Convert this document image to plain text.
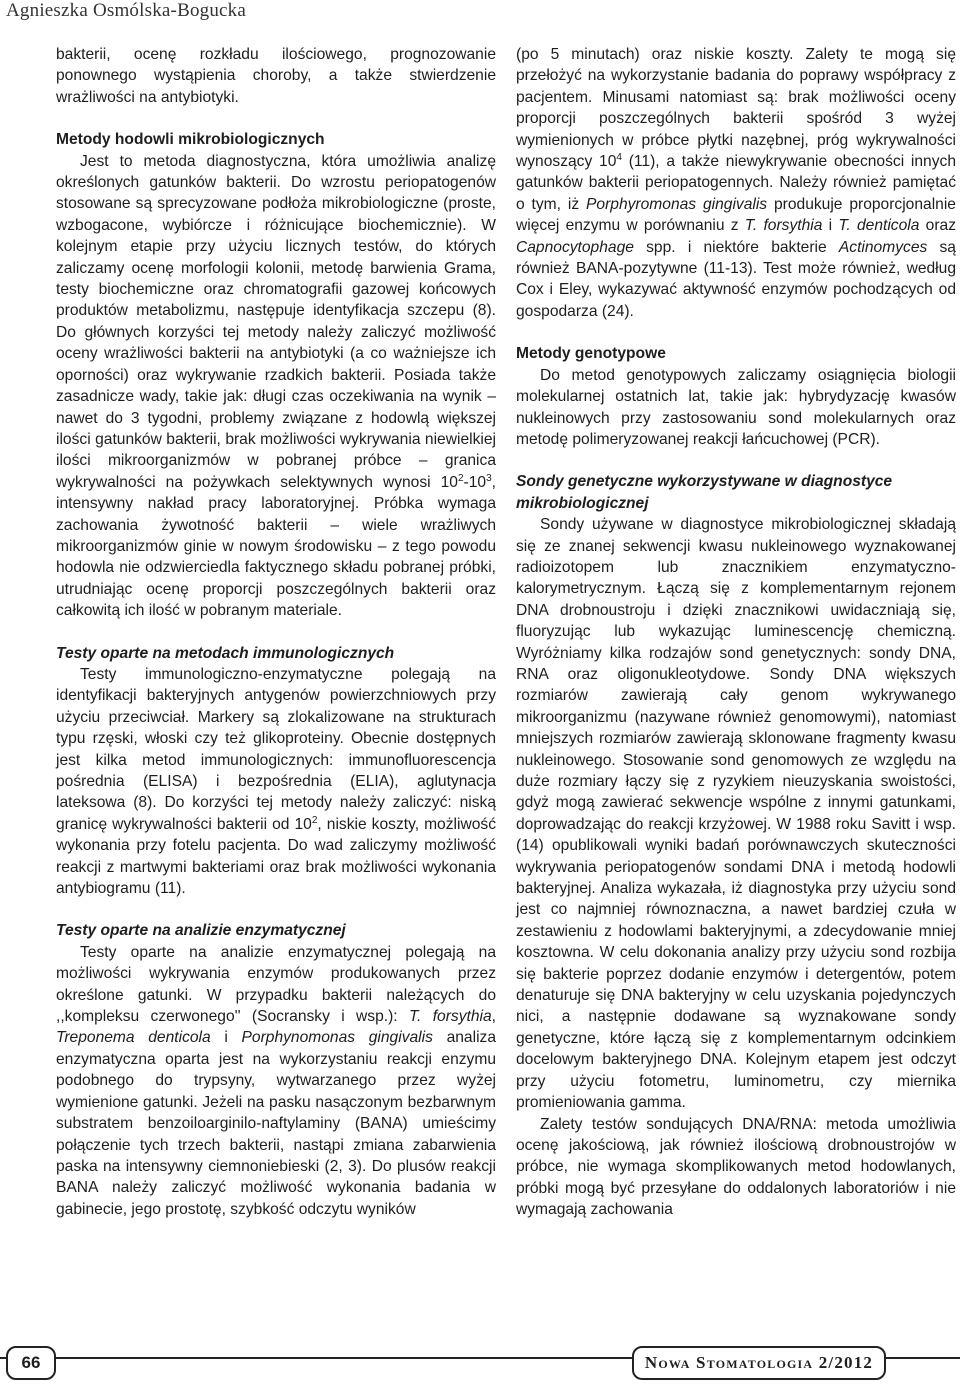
Agnieszka Osmólska-Bogucka

bakterii, ocenę rozkładu ilościowego, prognozowanie ponownego wystąpienia choroby, a także stwierdzenie wrażliwości na antybiotyki.

Metody hodowli mikrobiologicznych

Jest to metoda diagnostyczna, która umożliwia analizę określonych gatunków bakterii. Do wzrostu periopatogenów stosowane są sprecyzowane podłoża mikrobiologiczne (proste, wzbogacone, wybiórcze i różnicujące biochemicznie). W kolejnym etapie przy użyciu licznych testów, do których zaliczamy ocenę morfologii kolonii, metodę barwienia Grama, testy biochemiczne oraz chromatografii gazowej końcowych produktów metabolizmu, następuje identyfikacja szczepu (8). Do głównych korzyści tej metody należy zaliczyć możliwość oceny wrażliwości bakterii na antybiotyki (a co ważniejsze ich oporności) oraz wykrywanie rzadkich bakterii. Posiada także zasadnicze wady, takie jak: długi czas oczekiwania na wynik – nawet do 3 tygodni, problemy związane z hodowlą większej ilości gatunków bakterii, brak możliwości wykrywania niewielkiej ilości mikroorganizmów w pobranej próbce – granica wykrywalności na pożywkach selektywnych wynosi $10^2-10^3$, intensywny nakład pracy laboratoryjnej. Próbka wymaga zachowania żywotność bakterii – wiele wrażliwych mikroorganizmów ginie w nowym środowisku – z tego powodu hodowla nie odzwierciedla faktycznego składu pobranej próbki, utrudniając ocenę proporcji poszczególnych bakterii oraz całkowitą ich ilość w pobranym materiale.

Testy oparte na metodach immunologicznych

Testy immunologiczno-enzymatyczne polegają na identyfikacji bakteryjnych antygenów powierzchniowych przy użyciu przeciwciał. Markery są zlokalizowane na strukturach typu rzęski, włoski czy też glikoproteiny. Obecnie dostępnych jest kilka metod immunologicznych: immunofluorescencja pośrednia (ELISA) i bezpośrednia (ELIA), aglutynacja lateksowa (8). Do korzyści tej metody należy zaliczyć: niską granicę wykrywalności bakterii od $10^2$, niskie koszty, możliwość wykonania przy fotelu pacjenta. Do wad zaliczymy możliwość reakcji z martwymi bakteriami oraz brak możliwości wykonania antybiogramu (11).

Testy oparte na analizie enzymatycznej

Testy oparte na analizie enzymatycznej polegają na możliwości wykrywania enzymów produkowanych przez określone gatunki. W przypadku bakterii należących do ,,kompleksu czerwonego'' (Socransky i wsp.): T. forsythia, Treponema denticola i Porphynomonas gingivalis analiza enzymatyczna oparta jest na wykorzystaniu reakcji enzymu podobnego do trypsyny, wytwarzanego przez wyżej wymienione gatunki. Jeżeli na pasku nasączonym bezbarwnym substratem benzoiloarginilo-naftylaminy (BANA) umieścimy połączenie tych trzech bakterii, nastąpi zmiana zabarwienia paska na intensywny ciemnoniebieski (2, 3). Do plusów reakcji BANA należy zaliczyć możliwość wykonania badania w gabinecie, jego prostotę, szybkość odczytu wyników

(po 5 minutach) oraz niskie koszty. Zalety te mogą się przełożyć na wykorzystanie badania do poprawy współpracy z pacjentem. Minusami natomiast są: brak możliwości oceny proporcji poszczególnych bakterii spośród 3 wyżej wymienionych w próbce płytki nazębnej, próg wykrywalności wynoszący $10^4$ (11), a także niewykrywanie obecności innych gatunków bakterii periopatogennych. Należy również pamiętać o tym, iż Porphyromonas gingivalis produkuje proporcjonalnie więcej enzymu w porównaniu z T. forsythia i T. denticola oraz Capnocytophage spp. i niektóre bakterie Actinomyces są również BANA-pozytywne (11-13). Test może również, według Cox i Eley, wykazywać aktywność enzymów pochodzących od gospodarza (24).

Metody genotypowe

Do metod genotypowych zaliczamy osiągnięcia biologii molekularnej ostatnich lat, takie jak: hybrydyzację kwasów nukleinowych przy zastosowaniu sond molekularnych oraz metodę polimeryzowanej reakcji łańcuchowej (PCR).

Sondy genetyczne wykorzystywane w diagnostyce mikrobiologicznej

Sondy używane w diagnostyce mikrobiologicznej składają się ze znanej sekwencji kwasu nukleinowego wyznakowanej radioizotopem lub znacznikiem enzymatyczno-kalorymetrycznym. Łączą się z komplementarnym rejonem DNA drobnoustroju i dzięki znacznikowi uwidaczniają się, fluoryzując lub wykazując luminescencję chemiczną. Wyróżniamy kilka rodzajów sond genetycznych: sondy DNA, RNA oraz oligonukleotydowe. Sondy DNA większych rozmiarów zawierają cały genom wykrywanego mikroorganizmu (nazywane również genomowymi), natomiast mniejszych rozmiarów zawierają sklonowane fragmenty kwasu nukleinowego. Stosowanie sond genomowych ze względu na duże rozmiary łączy się z ryzykiem nieuzyskania swoistości, gdyż mogą zawierać sekwencje wspólne z innymi gatunkami, doprowadzając do reakcji krzyżowej. W 1988 roku Savitt i wsp. (14) opublikowali wyniki badań porównawczych skuteczności wykrywania periopatogenów sondami DNA i metodą hodowli bakteryjnej. Analiza wykazała, iż diagnostyka przy użyciu sond jest co najmniej równoznaczna, a nawet bardziej czuła w zestawieniu z hodowlami bakteryjnymi, a zdecydowanie mniej kosztowna. W celu dokonania analizy przy użyciu sond rozbija się bakterie poprzez dodanie enzymów i detergentów, potem denaturuje się DNA bakteryjny w celu uzyskania pojedynczych nici, a następnie dodawane są wyznakowane sondy genetyczne, które łączą się z komplementarnym odcinkiem docelowym bakteryjnego DNA. Kolejnym etapem jest odczyt przy użyciu fotometru, luminometru, czy miernika promieniowania gamma.

Zalety testów sondujących DNA/RNA: metoda umożliwia ocenę jakościową, jak również ilościową drobnoustrojów w próbce, nie wymaga skomplikowanych metod hodowlanych, próbki mogą być przesyłane do oddalonych laboratoriów i nie wymagają zachowania

66	Nowa Stomatologia 2/2012
